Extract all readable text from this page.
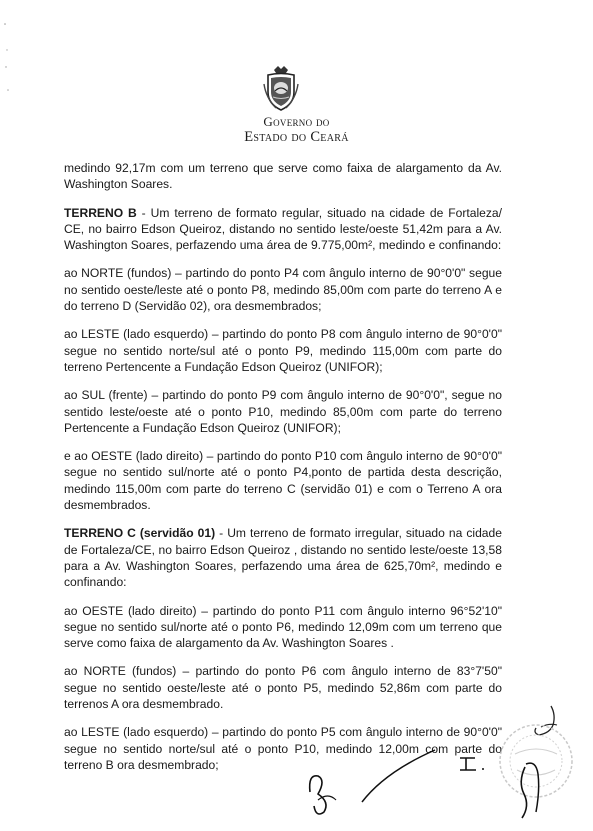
Governo do
Estado do Ceará

medindo 92,17m com um terreno que serve como faixa de alargamento da Av. Washington Soares.

TERRENO B - Um terreno de formato regular, situado na cidade de Fortaleza/ CE, no bairro Edson Queiroz, distando no sentido leste/oeste 51,42m para a Av. Washington Soares, perfazendo uma área de 9.775,00m², medindo e confinando:

ao NORTE (fundos) – partindo do ponto P4 com ângulo interno de 90°0'0" segue no sentido oeste/leste até o ponto P8, medindo 85,00m com parte do terreno A e do terreno D (Servidão 02), ora desmembrados;

ao LESTE (lado esquerdo) – partindo do ponto P8 com ângulo interno de 90°0'0" segue no sentido norte/sul até o ponto P9, medindo 115,00m com parte do terreno Pertencente a Fundação Edson Queiroz (UNIFOR);

ao SUL (frente) – partindo do ponto P9 com ângulo interno de 90°0'0", segue no sentido leste/oeste até o ponto P10, medindo 85,00m com parte do terreno Pertencente a Fundação Edson Queiroz (UNIFOR);

e ao OESTE (lado direito) – partindo do ponto P10 com ângulo interno de 90°0'0" segue no sentido sul/norte até o ponto P4,ponto de partida desta descrição, medindo 115,00m com parte do terreno C (servidão 01) e com o Terreno A ora desmembrados.

TERRENO C (servidão 01) - Um terreno de formato irregular, situado na cidade de Fortaleza/CE, no bairro Edson Queiroz , distando no sentido leste/oeste 13,58 para a Av. Washington Soares, perfazendo uma área de 625,70m², medindo e confinando:

ao OESTE (lado direito) – partindo do ponto P11 com ângulo interno 96°52'10" segue no sentido sul/norte até o ponto P6, medindo 12,09m com um terreno que serve como faixa de alargamento da Av. Washington Soares .

ao NORTE (fundos) – partindo do ponto P6 com ângulo interno de 83°7'50" segue no sentido oeste/leste até o ponto P5, medindo 52,86m com parte do terrenos A ora desmembrado.

ao LESTE (lado esquerdo) – partindo do ponto P5 com ângulo interno de 90°0'0" segue no sentido norte/sul até o ponto P10, medindo 12,00m com parte do terreno B ora desmembrado;
